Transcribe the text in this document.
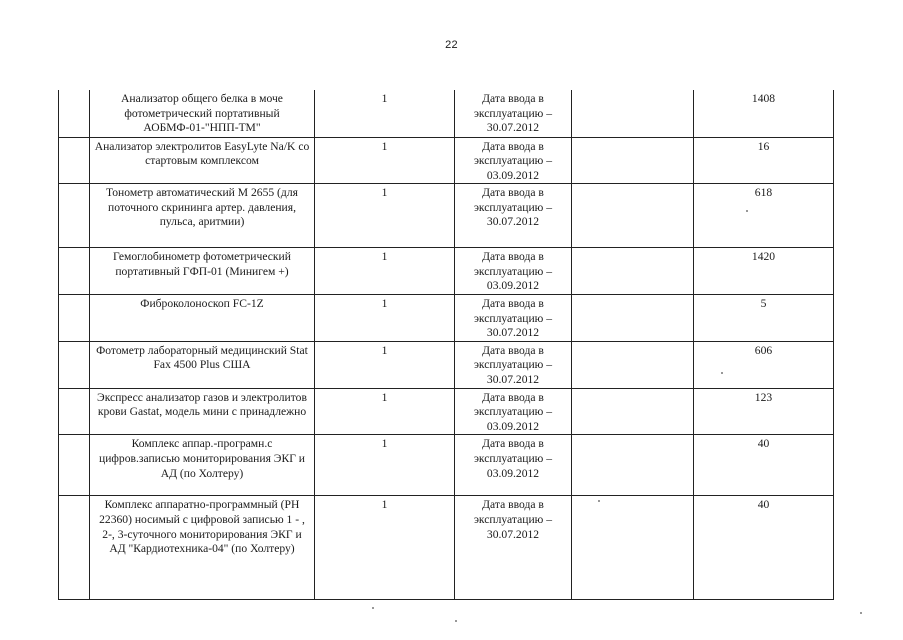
22
	Анализатор общего белка в моче фотометрический портативный АОБМФ-01-"НПП-ТМ"	1	Дата ввода в эксплуатацию – 30.07.2012		1408
	Анализатор электролитов EasyLyte Na/K со стартовым комплексом	1	Дата ввода в эксплуатацию – 03.09.2012		16
	Тонометр автоматический М 2655 (для поточного скрининга артер. давления, пульса, аритмии)	1	Дата ввода в эксплуатацию – 30.07.2012		618
	Гемоглобинометр фотометрический портативный ГФП-01 (Минигем +)	1	Дата ввода в эксплуатацию – 03.09.2012		1420
	Фиброколоноскоп FC-1Z	1	Дата ввода в эксплуатацию – 30.07.2012		5
	Фотометр лабораторный медицинский Stat Fax 4500 Plus США	1	Дата ввода в эксплуатацию – 30.07.2012		606
	Экспресс анализатор газов и электролитов крови Gastat, модель мини с принадлежно	1	Дата ввода в эксплуатацию – 03.09.2012		123
	Комплекс аппар.-програмн.с цифров.записью мониторирования ЭКГ и АД (по Холтеру)	1	Дата ввода в эксплуатацию – 03.09.2012		40
	Комплекс аппаратно-программный (РН 22360) носимый с цифровой записью 1 - , 2-, 3-суточного мониторирования ЭКГ и АД "Кардиотехника-04" (по Холтеру)	1	Дата ввода в эксплуатацию – 30.07.2012		40
